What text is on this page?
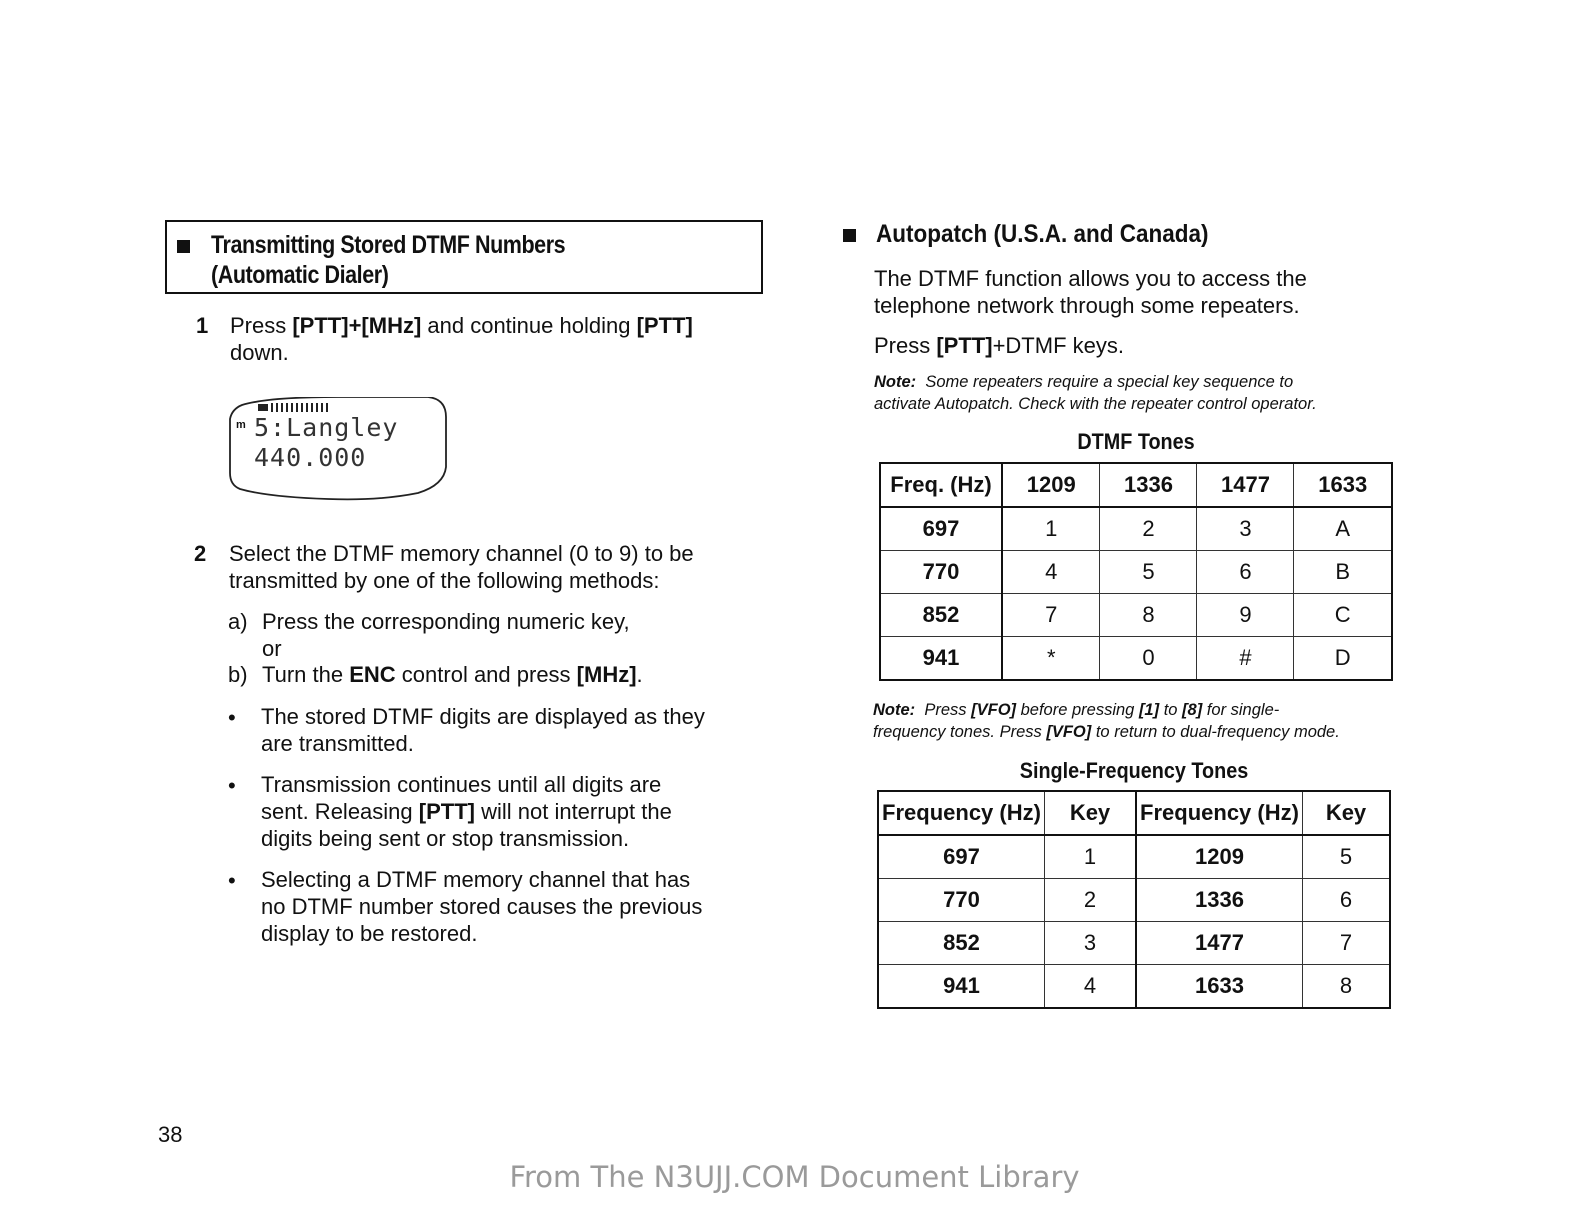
Transmitting Stored DTMF Numbers
(Automatic Dialer)
1 Press [PTT]+[MHz] and continue holding [PTT]
down.
m 5:Langley
440.000
2 Select the DTMF memory channel (0 to 9) to be
transmitted by one of the following methods:
a) Press the corresponding numeric key,
or
b) Turn the ENC control and press [MHz].
• The stored DTMF digits are displayed as they
are transmitted.
• Transmission continues until all digits are
sent. Releasing [PTT] will not interrupt the
digits being sent or stop transmission.
• Selecting a DTMF memory channel that has
no DTMF number stored causes the previous
display to be restored.
Autopatch (U.S.A. and Canada)
The DTMF function allows you to access the
telephone network through some repeaters.
Press [PTT]+DTMF keys.
Note: Some repeaters require a special key sequence to
activate Autopatch. Check with the repeater control operator.
DTMF Tones
Freq. (Hz)	1209	1336	1477	1633
697	1	2	3	A
770	4	5	6	B
852	7	8	9	C
941	*	0	#	D
Note: Press [VFO] before pressing [1] to [8] for single-
frequency tones. Press [VFO] to return to dual-frequency mode.
Single-Frequency Tones
Frequency (Hz)	Key	Frequency (Hz)	Key
697	1	1209	5
770	2	1336	6
852	3	1477	7
941	4	1633	8
38
From The N3UJJ.COM Document Library
